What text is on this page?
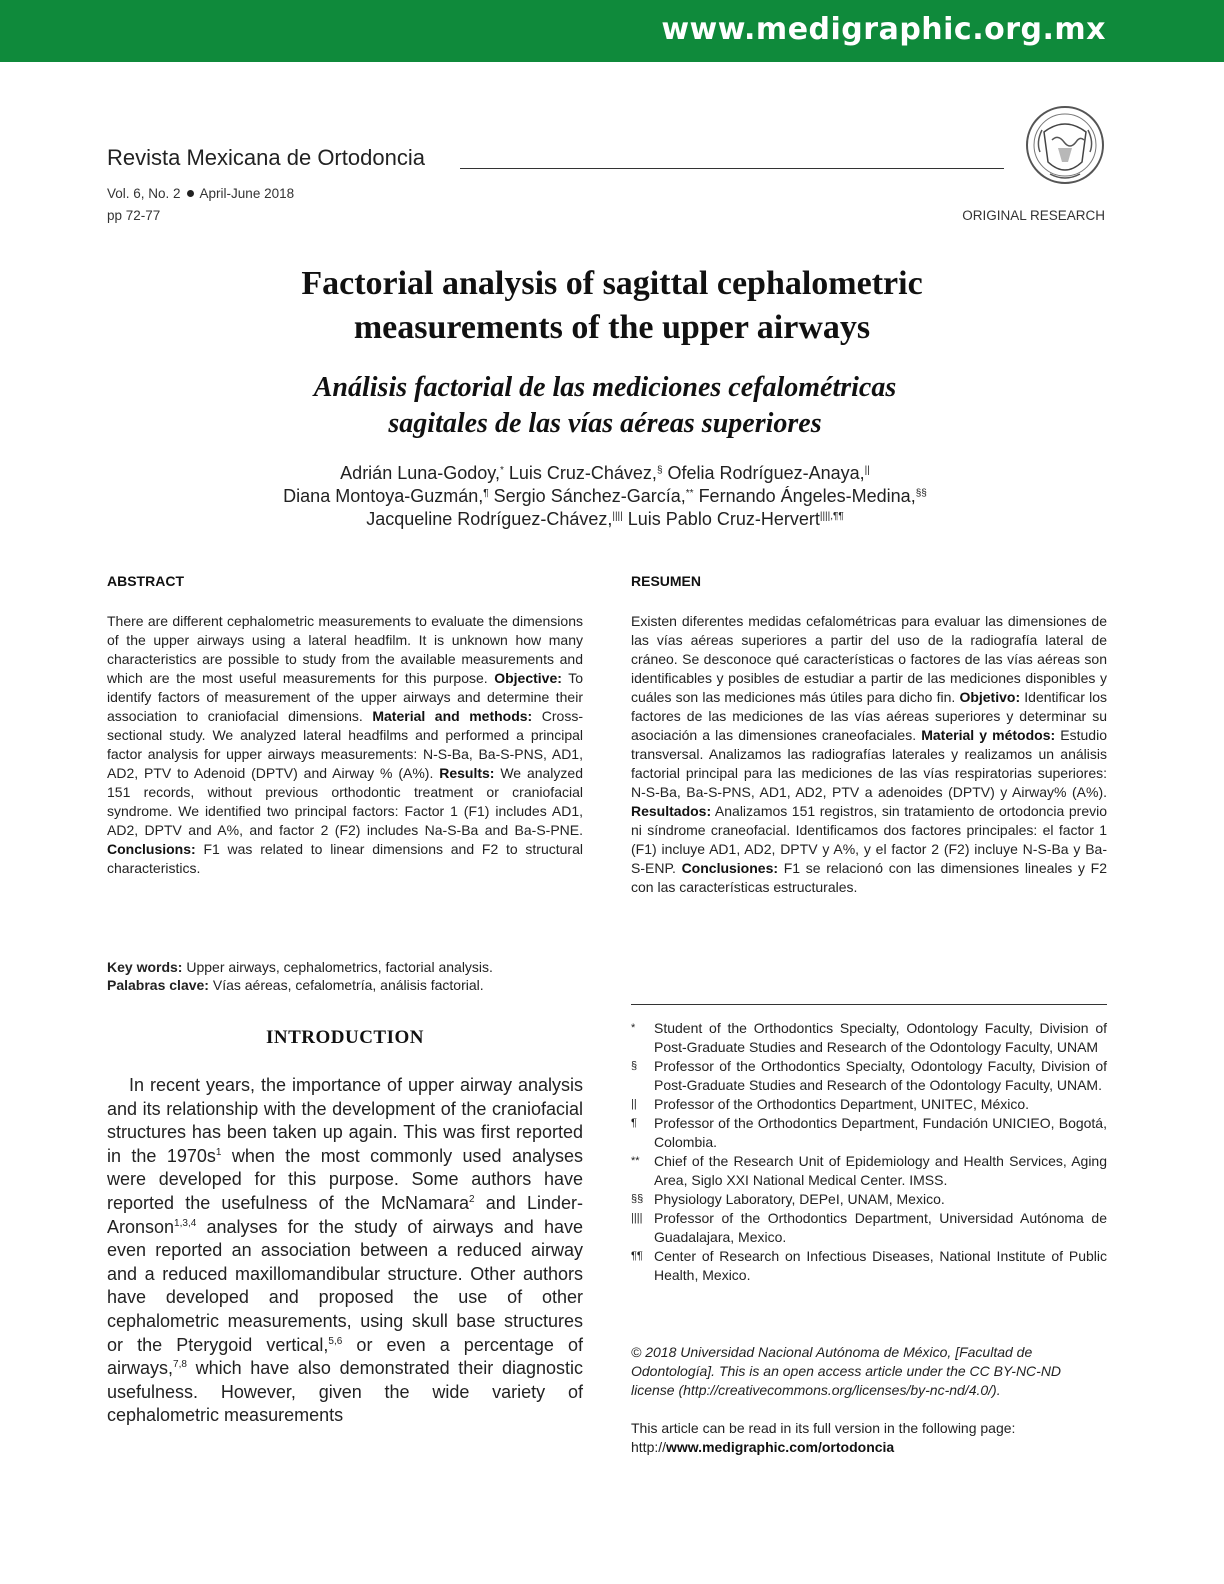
www.medigraphic.org.mx
Revista Mexicana de Ortodoncia
Vol. 6, No. 2 April-June 2018
pp 72-77	ORIGINAL RESEARCH
Factorial analysis of sagittal cephalometric
measurements of the upper airways
Análisis factorial de las mediciones cefalométricas
sagitales de las vías aéreas superiores
Adrián Luna-Godoy,* Luis Cruz-Chávez,§ Ofelia Rodríguez-Anaya,||
Diana Montoya-Guzmán,¶ Sergio Sánchez-García,** Fernando Ángeles-Medina,§§
Jacqueline Rodríguez-Chávez,|||| Luis Pablo Cruz-Hervert||||,¶¶
ABSTRACT	RESUMEN
There are different cephalometric measurements to evaluate the dimensions of the upper airways using a lateral headfilm. It is unknown how many characteristics are possible to study from the available measurements and which are the most useful measurements for this purpose. Objective: To identify factors of measurement of the upper airways and determine their association to craniofacial dimensions. Material and methods: Cross-sectional study. We analyzed lateral headfilms and performed a principal factor analysis for upper airways measurements: N-S-Ba, Ba-S-PNS, AD1, AD2, PTV to Adenoid (DPTV) and Airway % (A%). Results: We analyzed 151 records, without previous orthodontic treatment or craniofacial syndrome. We identified two principal factors: Factor 1 (F1) includes AD1, AD2, DPTV and A%, and factor 2 (F2) includes Na-S-Ba and Ba-S-PNE. Conclusions: F1 was related to linear dimensions and F2 to structural characteristics.
Existen diferentes medidas cefalométricas para evaluar las dimensiones de las vías aéreas superiores a partir del uso de la radiografía lateral de cráneo. Se desconoce qué características o factores de las vías aéreas son identificables y posibles de estudiar a partir de las mediciones disponibles y cuáles son las mediciones más útiles para dicho fin. Objetivo: Identificar los factores de las mediciones de las vías aéreas superiores y determinar su asociación a las dimensiones craneofaciales. Material y métodos: Estudio transversal. Analizamos las radiografías laterales y realizamos un análisis factorial principal para las mediciones de las vías respiratorias superiores: N-S-Ba, Ba-S-PNS, AD1, AD2, PTV a adenoides (DPTV) y Airway% (A%). Resultados: Analizamos 151 registros, sin tratamiento de ortodoncia previo ni síndrome craneofacial. Identificamos dos factores principales: el factor 1 (F1) incluye AD1, AD2, DPTV y A%, y el factor 2 (F2) incluye N-S-Ba y Ba-S-ENP. Conclusiones: F1 se relacionó con las dimensiones lineales y F2 con las características estructurales.
Key words: Upper airways, cephalometrics, factorial analysis.
Palabras clave: Vías aéreas, cefalometría, análisis factorial.
INTRODUCTION

In recent years, the importance of upper airway analysis and its relationship with the development of the craniofacial structures has been taken up again. This was first reported in the $1970s^1$ when the most commonly used analyses were developed for this purpose. Some authors have reported the usefulness of the McNamara$^2$ and Linder-Aronson$^{1,3,4}$ analyses for the study of airways and have even reported an association between a reduced airway and a reduced maxillomandibular structure. Other authors have developed and proposed the use of other cephalometric measurements, using skull base structures or the Pterygoid vertical,$^{5,6}$ or even a percentage of airways,$^{7,8}$ which have also demonstrated their diagnostic usefulness. However, given the wide variety of cephalometric measurements

*	Student of the Orthodontics Specialty, Odontology Faculty, Division of Post-Graduate Studies and Research of the Odontology Faculty, UNAM
§	Professor of the Orthodontics Specialty, Odontology Faculty, Division of Post-Graduate Studies and Research of the Odontology Faculty, UNAM.
||	Professor of the Orthodontics Department, UNITEC, México.
¶	Professor of the Orthodontics Department, Fundación UNICIEO, Bogotá, Colombia.
**	Chief of the Research Unit of Epidemiology and Health Services, Aging Area, Siglo XXI National Medical Center. IMSS.
§§ Physiology Laboratory, DEPeI, UNAM, Mexico.
|||| Professor of the Orthodontics Department, Universidad Autónoma de Guadalajara, Mexico.
¶¶ Center of Research on Infectious Diseases, National Institute of Public Health, Mexico.
© 2018 Universidad Nacional Autónoma de México, [Facultad de Odontología]. This is an open access article under the CC BY-NC-ND license (http://creativecommons.org/licenses/by-nc-nd/4.0/).
This article can be read in its full version in the following page:
http://www.medigraphic.com/ortodoncia
